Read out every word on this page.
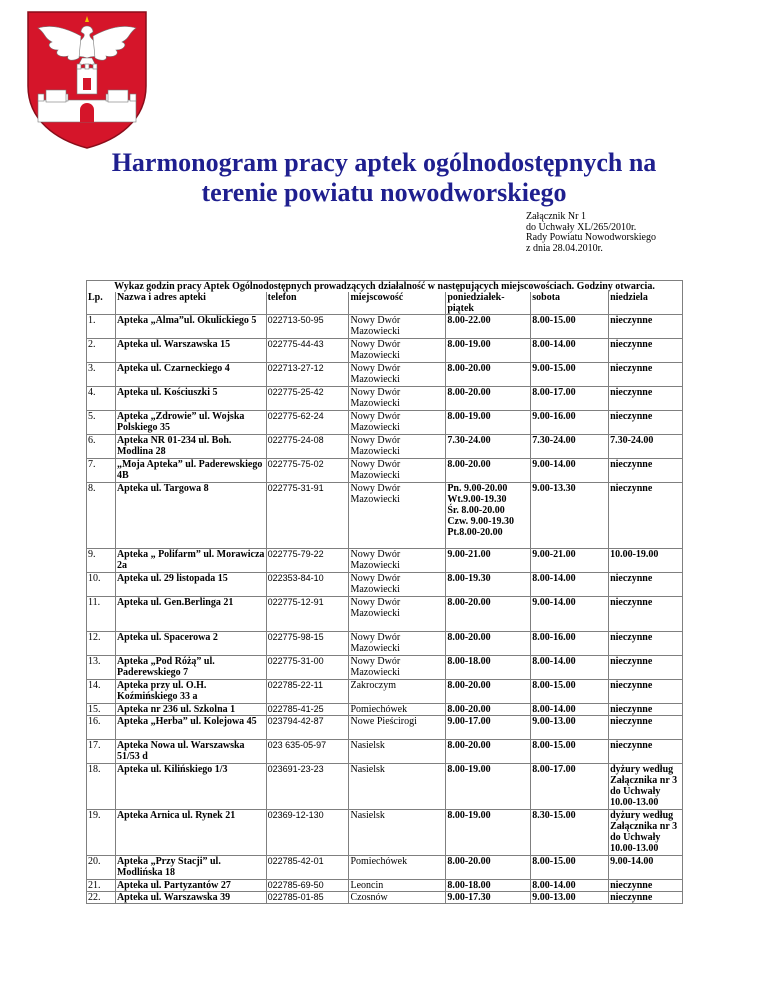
Harmonogram pracy aptek ogólnodostępnych na
terenie powiatu nowodworskiego
Załącznik Nr 1
do Uchwały XL/265/2010r.
Rady Powiatu Nowodworskiego
z dnia 28.04.2010r.
Wykaz godzin pracy Aptek Ogólnodostępnych prowadzących działalność w następujących miejscowościach. Godziny otwarcia.						
Lp.	Nazwa i adres apteki	telefon	miejscowość	poniedziałek-piątek	sobota	niedziela
1.	Apteka „Alma”ul. Okulickiego 5	022713-50-95	Nowy Dwór Mazowiecki	8.00-22.00	8.00-15.00	nieczynne
2.	Apteka ul. Warszawska 15	022775-44-43	Nowy Dwór Mazowiecki	8.00-19.00	8.00-14.00	nieczynne
3.	Apteka ul. Czarneckiego 4	022713-27-12	Nowy Dwór Mazowiecki	8.00-20.00	9.00-15.00	nieczynne
4.	Apteka ul. Kościuszki 5	022775-25-42	Nowy Dwór Mazowiecki	8.00-20.00	8.00-17.00	nieczynne
5.	Apteka „Zdrowie” ul. Wojska Polskiego 35	022775-62-24	Nowy Dwór Mazowiecki	8.00-19.00	9.00-16.00	nieczynne
6.	Apteka NR 01-234 ul. Boh. Modlina 28	022775-24-08	Nowy Dwór Mazowiecki	7.30-24.00	7.30-24.00	7.30-24.00
7.	„Moja Apteka” ul. Paderewskiego 4B	022775-75-02	Nowy Dwór Mazowiecki	8.00-20.00	9.00-14.00	nieczynne
8.	Apteka ul. Targowa 8	022775-31-91	Nowy Dwór Mazowiecki	Pn. 9.00-20.00
Wt.9.00-19.30
Śr. 8.00-20.00
Czw. 9.00-19.30
Pt.8.00-20.00	9.00-13.30	nieczynne
9.	Apteka „ Polifarm” ul. Morawicza 2a	022775-79-22	Nowy Dwór Mazowiecki	9.00-21.00	9.00-21.00	10.00-19.00
10.	Apteka ul. 29 listopada 15	022353-84-10	Nowy Dwór Mazowiecki	8.00-19.30	8.00-14.00	nieczynne
11.	Apteka ul. Gen.Berlinga 21	022775-12-91	Nowy Dwór Mazowiecki	8.00-20.00	9.00-14.00	nieczynne
12.	Apteka ul. Spacerowa 2	022775-98-15	Nowy Dwór Mazowiecki	8.00-20.00	8.00-16.00	nieczynne
13.	Apteka „Pod Różą” ul. Paderewskiego 7	022775-31-00	Nowy Dwór Mazowiecki	8.00-18.00	8.00-14.00	nieczynne
14.	Apteka przy ul. O.H. Koźmińskiego 33 a	022785-22-11	Zakroczym	8.00-20.00	8.00-15.00	nieczynne
15.	Apteka nr 236 ul. Szkolna 1	022785-41-25	Pomiechówek	8.00-20.00	8.00-14.00	nieczynne
16.	Apteka „Herba” ul. Kolejowa 45	023794-42-87	Nowe Pieścirogi	9.00-17.00	9.00-13.00	nieczynne
17.	Apteka Nowa ul. Warszawska 51/53 d	023 635-05-97	Nasielsk	8.00-20.00	8.00-15.00	nieczynne
18.	Apteka ul. Kilińskiego 1/3	023691-23-23	Nasielsk	8.00-19.00	8.00-17.00	dyżury według Załącznika nr 3 do Uchwały 10.00-13.00
19.	Apteka Arnica ul. Rynek 21	02369-12-130	Nasielsk	8.00-19.00	8.30-15.00	dyżury według Załącznika nr 3 do Uchwały 10.00-13.00
20.	Apteka „Przy Stacji” ul. Modlińska 18	022785-42-01	Pomiechówek	8.00-20.00	8.00-15.00	9.00-14.00
21.	Apteka ul. Partyzantów 27	022785-69-50	Leoncin	8.00-18.00	8.00-14.00	nieczynne
22.	Apteka ul. Warszawska 39	022785-01-85	Czosnów	9.00-17.30	9.00-13.00	nieczynne
